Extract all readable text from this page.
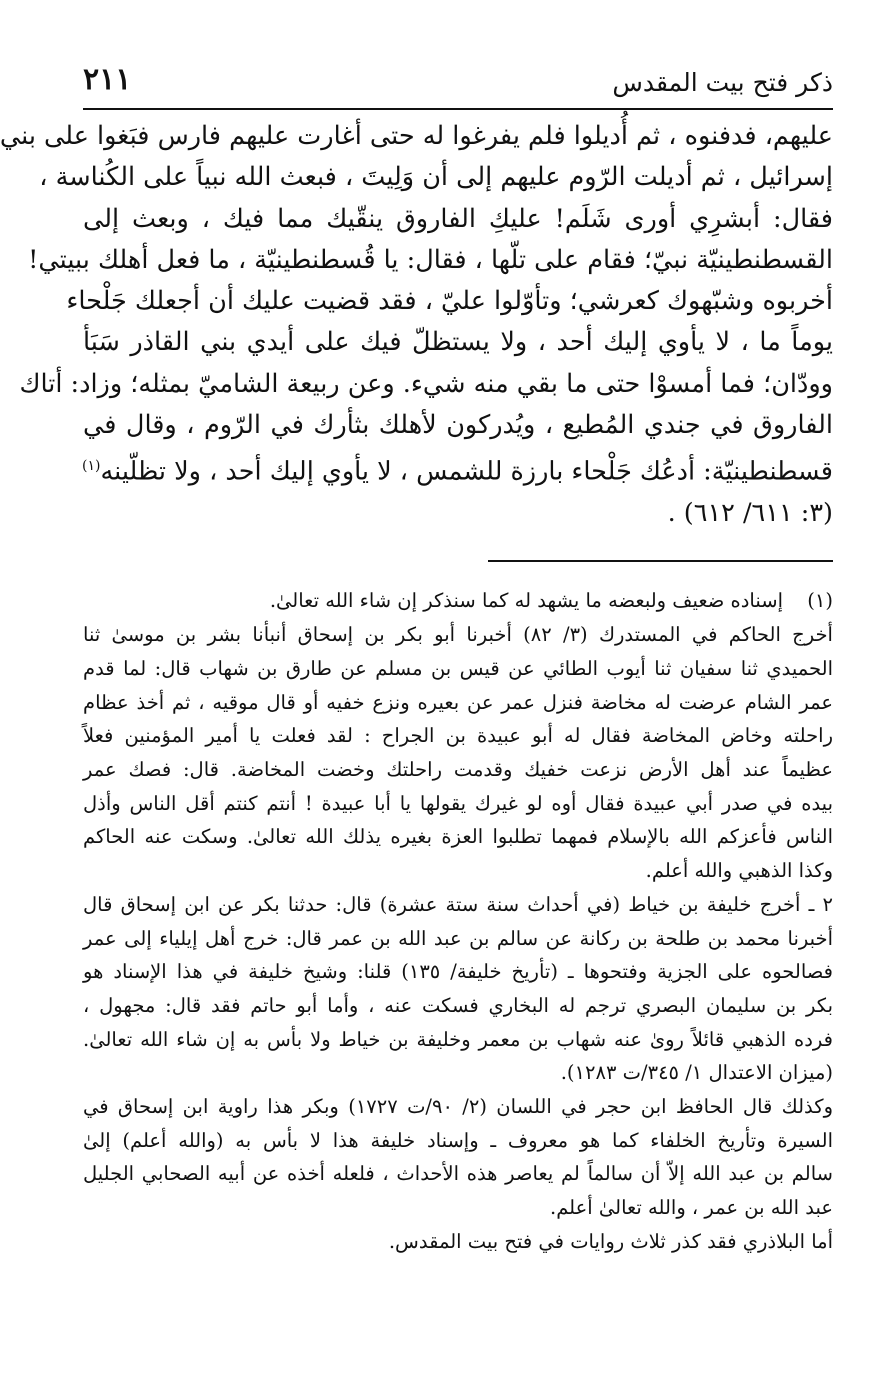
ذكر فتح بيت المقدس
٢١١
عليهم، فدفنوه ، ثم أُديلوا فلم يفرغوا له حتى أغارت عليهم فارس فبَغوا على بني
إسرائيل ، ثم أديلت الرّوم عليهم إلى أن وَلِيتَ ، فبعث الله نبياً على الكُناسة ،
فقال: أبشرِي أورى شَلَم! عليكِ الفاروق ينقّيك مما فيك ، وبعث إلى
القسطنطينيّة نبيّ؛ فقام على تلّها ، فقال: يا قُسطنطينيّة ، ما فعل أهلك ببيتي!
أخربوه وشبّهوك كعرشي؛ وتأوّلوا عليّ ، فقد قضيت عليك أن أجعلك جَلْحاء
يوماً ما ، لا يأوي إليك أحد ، ولا يستظلّ فيك على أيدي بني القاذر سَبَأ
وودّان؛ فما أمسوْا حتى ما بقي منه شيء. وعن ربيعة الشاميّ بمثله؛ وزاد: أتاك
الفاروق في جندي المُطيع ، ويُدركون لأهلك بثأرك في الرّوم ، وقال في
قسطنطينيّة: أدعُك جَلْحاء بارزة للشمس ، لا يأوي إليك أحد ، ولا تظلّينه$^{(١)}$
(٣: ٦١١/ ٦١٢) .
(١)
إسناده ضعيف ولبعضه ما يشهد له كما سنذكر إن شاء الله تعالىٰ.
أخرج الحاكم في المستدرك (٣/ ٨٢) أخبرنا أبو بكر بن إسحاق أنبأنا بشر بن موسىٰ ثنا
الحميدي ثنا سفيان ثنا أيوب الطائي عن قيس بن مسلم عن طارق بن شهاب قال: لما قدم
عمر الشام عرضت له مخاضة فنزل عمر عن بعيره ونزع خفيه أو قال موقيه ، ثم أخذ عظام
راحلته وخاض المخاضة فقال له أبو عبيدة بن الجراح : لقد فعلت يا أمير المؤمنين فعلاً
عظيماً عند أهل الأرض نزعت خفيك وقدمت راحلتك وخضت المخاضة. قال: فصك عمر
بيده في صدر أبي عبيدة فقال أوه لو غيرك يقولها يا أبا عبيدة ! أنتم كنتم أقل الناس وأذل
الناس فأعزكم الله بالإسلام فمهما تطلبوا العزة بغيره يذلك الله تعالىٰ. وسكت عنه الحاكم
وكذا الذهبي والله أعلم.
٢ ـ أخرج خليفة بن خياط (في أحداث سنة ستة عشرة) قال: حدثنا بكر عن ابن إسحاق قال
أخبرنا محمد بن طلحة بن ركانة عن سالم بن عبد الله بن عمر قال: خرج أهل إيلياء إلى عمر
فصالحوه على الجزية وفتحوها ـ (تأريخ خليفة/ ١٣٥) قلنا: وشيخ خليفة في هذا الإسناد هو
بكر بن سليمان البصري ترجم له البخاري فسكت عنه ، وأما أبو حاتم فقد قال: مجهول ،
فرده الذهبي قائلاً روىٰ عنه شهاب بن معمر وخليفة بن خياط ولا بأس به إن شاء الله تعالىٰ.
(ميزان الاعتدال ١/ ٣٤٥/ت ١٢٨٣).
وكذلك قال الحافظ ابن حجر في اللسان (٢/ ٩٠/ت ١٧٢٧) وبكر هذا راوية ابن إسحاق في
السيرة وتأريخ الخلفاء كما هو معروف ـ وإسناد خليفة هذا لا بأس به (والله أعلم) إلىٰ
سالم بن عبد الله إلاّ أن سالماً لم يعاصر هذه الأحداث ، فلعله أخذه عن أبيه الصحابي الجليل
عبد الله بن عمر ، والله تعالىٰ أعلم.
أما البلاذري فقد كذر ثلاث روايات في فتح بيت المقدس.
